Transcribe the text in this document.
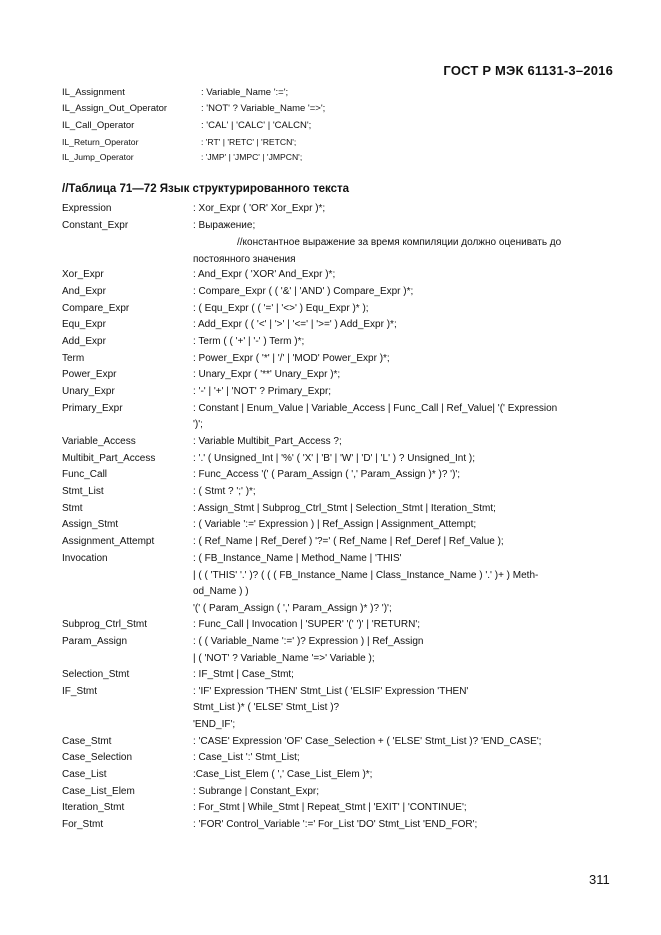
ГОСТ Р МЭК 61131-3–2016
IL_Assignment	: Variable_Name ':=';
IL_Assign_Out_Operator	: 'NOT' ? Variable_Name '=>';
IL_Call_Operator	: 'CAL' | 'CALC' | 'CALCN';
IL_Return_Operator	: 'RT' | 'RETC' | 'RETCN';
IL_Jump_Operator	: 'JMP' | 'JMPC' | 'JMPCN';
//Таблица 71—72 Язык структурированного текста
Expression	: Xor_Expr ( 'OR' Xor_Expr )*;
Constant_Expr	: Выражение;
//константное выражение за время компиляции должно оценивать до
постоянного значения
Xor_Expr	: And_Expr ( 'XOR' And_Expr )*;
And_Expr	: Compare_Expr ( ( '&' | 'AND' ) Compare_Expr )*;
Compare_Expr	: ( Equ_Expr ( ( '=' | '<>' ) Equ_Expr )* );
Equ_Expr	: Add_Expr ( ( '<' | '>' | '<=' | '>=' ) Add_Expr )*;
Add_Expr	: Term ( ( '+' | '-' ) Term )*;
Term	: Power_Expr ( '*' | '/' | 'MOD' Power_Expr )*;
Power_Expr	: Unary_Expr ( '**' Unary_Expr )*;
Unary_Expr	: '-' | '+' | 'NOT' ? Primary_Expr;
Primary_Expr	: Constant | Enum_Value | Variable_Access | Func_Call | Ref_Value| '(' Expression
')';
Variable_Access	: Variable Multibit_Part_Access ?;
Multibit_Part_Access	: '.' ( Unsigned_Int | '%' ( 'X' | 'B' | 'W' | 'D' | 'L' ) ? Unsigned_Int );
Func_Call	: Func_Access '(' ( Param_Assign ( ',' Param_Assign )* )? ')';
Stmt_List	: ( Stmt ? ';' )*;
Stmt	: Assign_Stmt | Subprog_Ctrl_Stmt | Selection_Stmt | Iteration_Stmt;
Assign_Stmt	: ( Variable ':=' Expression ) | Ref_Assign | Assignment_Attempt;
Assignment_Attempt	: ( Ref_Name | Ref_Deref ) '?=' ( Ref_Name | Ref_Deref | Ref_Value );
Invocation	: ( FB_Instance_Name | Method_Name | 'THIS'
| ( ( 'THIS' '.' )? ( ( ( FB_Instance_Name | Class_Instance_Name ) '.' )+ ) Meth-
od_Name ) )
'(' ( Param_Assign ( ',' Param_Assign )* )? ')';
Subprog_Ctrl_Stmt	: Func_Call | Invocation | 'SUPER' '(' ')' | 'RETURN';
Param_Assign	: ( ( Variable_Name ':=' )? Expression ) | Ref_Assign
| ( 'NOT' ? Variable_Name '=>' Variable );
Selection_Stmt	: IF_Stmt | Case_Stmt;
IF_Stmt	: 'IF' Expression 'THEN' Stmt_List ( 'ELSIF' Expression 'THEN'
Stmt_List )* ( 'ELSE' Stmt_List )?
'END_IF';
Case_Stmt	: 'CASE' Expression 'OF' Case_Selection + ( 'ELSE' Stmt_List )? 'END_CASE';
Case_Selection	: Case_List ':' Stmt_List;
Case_List	:Case_List_Elem ( ',' Case_List_Elem )*;
Case_List_Elem	: Subrange | Constant_Expr;
Iteration_Stmt	: For_Stmt | While_Stmt | Repeat_Stmt | 'EXIT' | 'CONTINUE';
For_Stmt	: 'FOR' Control_Variable ':=' For_List 'DO' Stmt_List 'END_FOR';
311
